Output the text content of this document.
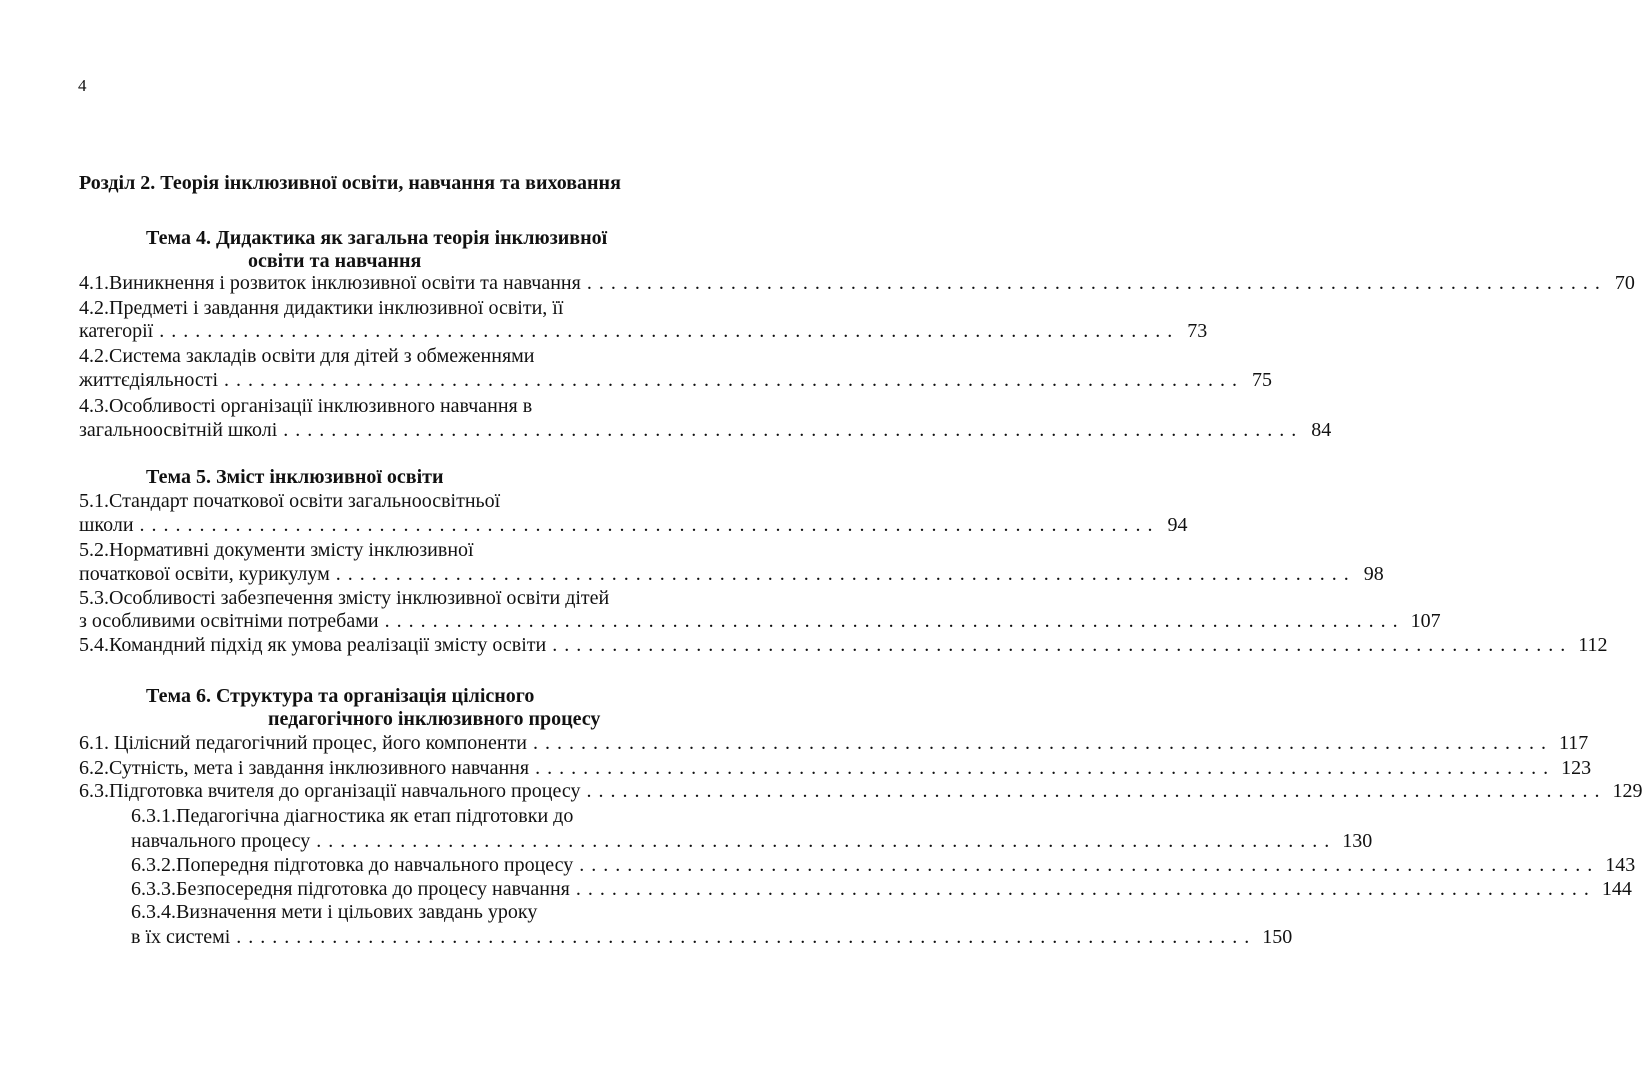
4
Розділ 2. Теорія інклюзивної освіти, навчання та виховання
Тема 4. Дидактика як загальна теорія інклюзивної
освіти та навчання
4.1.Виникнення і розвиток інклюзивної освіти та навчання ..................................................................................... 70
4.2.Предметі і завдання дидактики інклюзивної освіти, її
категорії ..................................................................................... 73
4.2.Система закладів освіти для дітей з обмеженнями
життєдіяльності ..................................................................................... 75
4.3.Особливості організації інклюзивного навчання в
загальноосвітній школі ..................................................................................... 84
Тема 5. Зміст інклюзивної освіти
5.1.Стандарт початкової освіти загальноосвітньої
школи ..................................................................................... 94
5.2.Нормативні документи змісту інклюзивної
початкової освіти, курикулум ..................................................................................... 98
5.3.Особливості забезпечення змісту інклюзивної освіти дітей
з особливими освітніми потребами ..................................................................................... 107
5.4.Командний підхід як умова реалізації змісту освіти ..................................................................................... 112
Тема 6. Структура та організація цілісного
педагогічного інклюзивного процесу
6.1. Цілісний педагогічний процес, його компоненти ..................................................................................... 117
6.2.Сутність, мета і завдання інклюзивного навчання ..................................................................................... 123
6.3.Підготовка вчителя до організації навчального процесу ..................................................................................... 129
6.3.1.Педагогічна діагностика як етап підготовки до
навчального процесу ..................................................................................... 130
6.3.2.Попередня підготовка до навчального процесу ..................................................................................... 143
6.3.3.Безпосередня підготовка до процесу навчання ..................................................................................... 144
6.3.4.Визначення мети і цільових завдань уроку
в їх системі ..................................................................................... 150
